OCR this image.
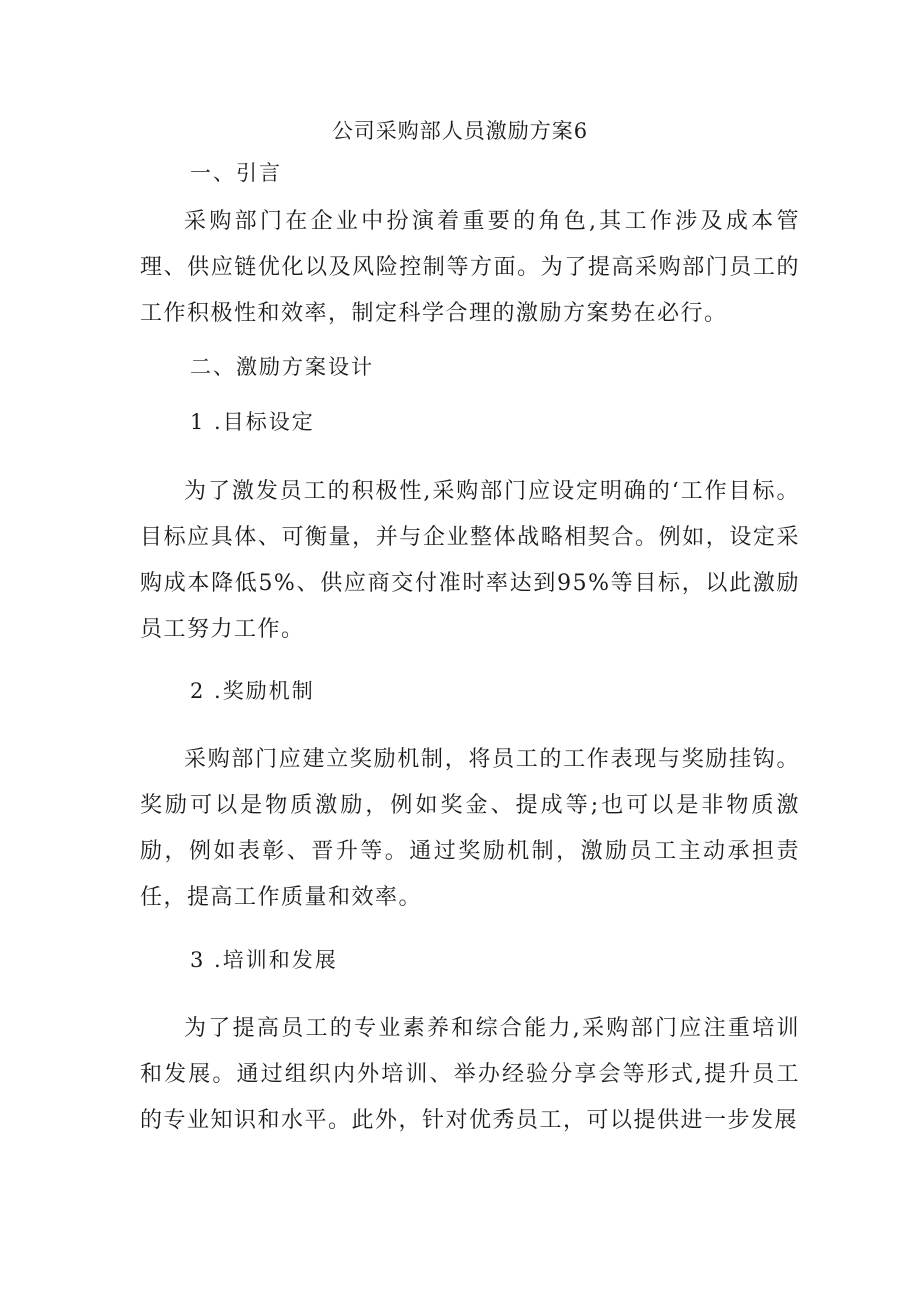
公司采购部人员激励方案6
一、引言

采购部门在企业中扮演着重要的角色,其工作涉及成本管理、供应链优化以及风险控制等方面。为了提高采购部门员工的工作积极性和效率，制定科学合理的激励方案势在必行。

二、激励方案设计
1 .目标设定

为了激发员工的积极性,采购部门应设定明确的‘工作目标。目标应具体、可衡量，并与企业整体战略相契合。例如，设定采购成本降低5%、供应商交付准时率达到95%等目标，以此激励员工努力工作。

2 .奖励机制

采购部门应建立奖励机制，将员工的工作表现与奖励挂钩。奖励可以是物质激励，例如奖金、提成等;也可以是非物质激励，例如表彰、晋升等。通过奖励机制，激励员工主动承担责任，提高工作质量和效率。

3 .培训和发展

为了提高员工的专业素养和综合能力,采购部门应注重培训和发展。通过组织内外培训、举办经验分享会等形式,提升员工的专业知识和水平。此外，针对优秀员工，可以提供进一步发展
